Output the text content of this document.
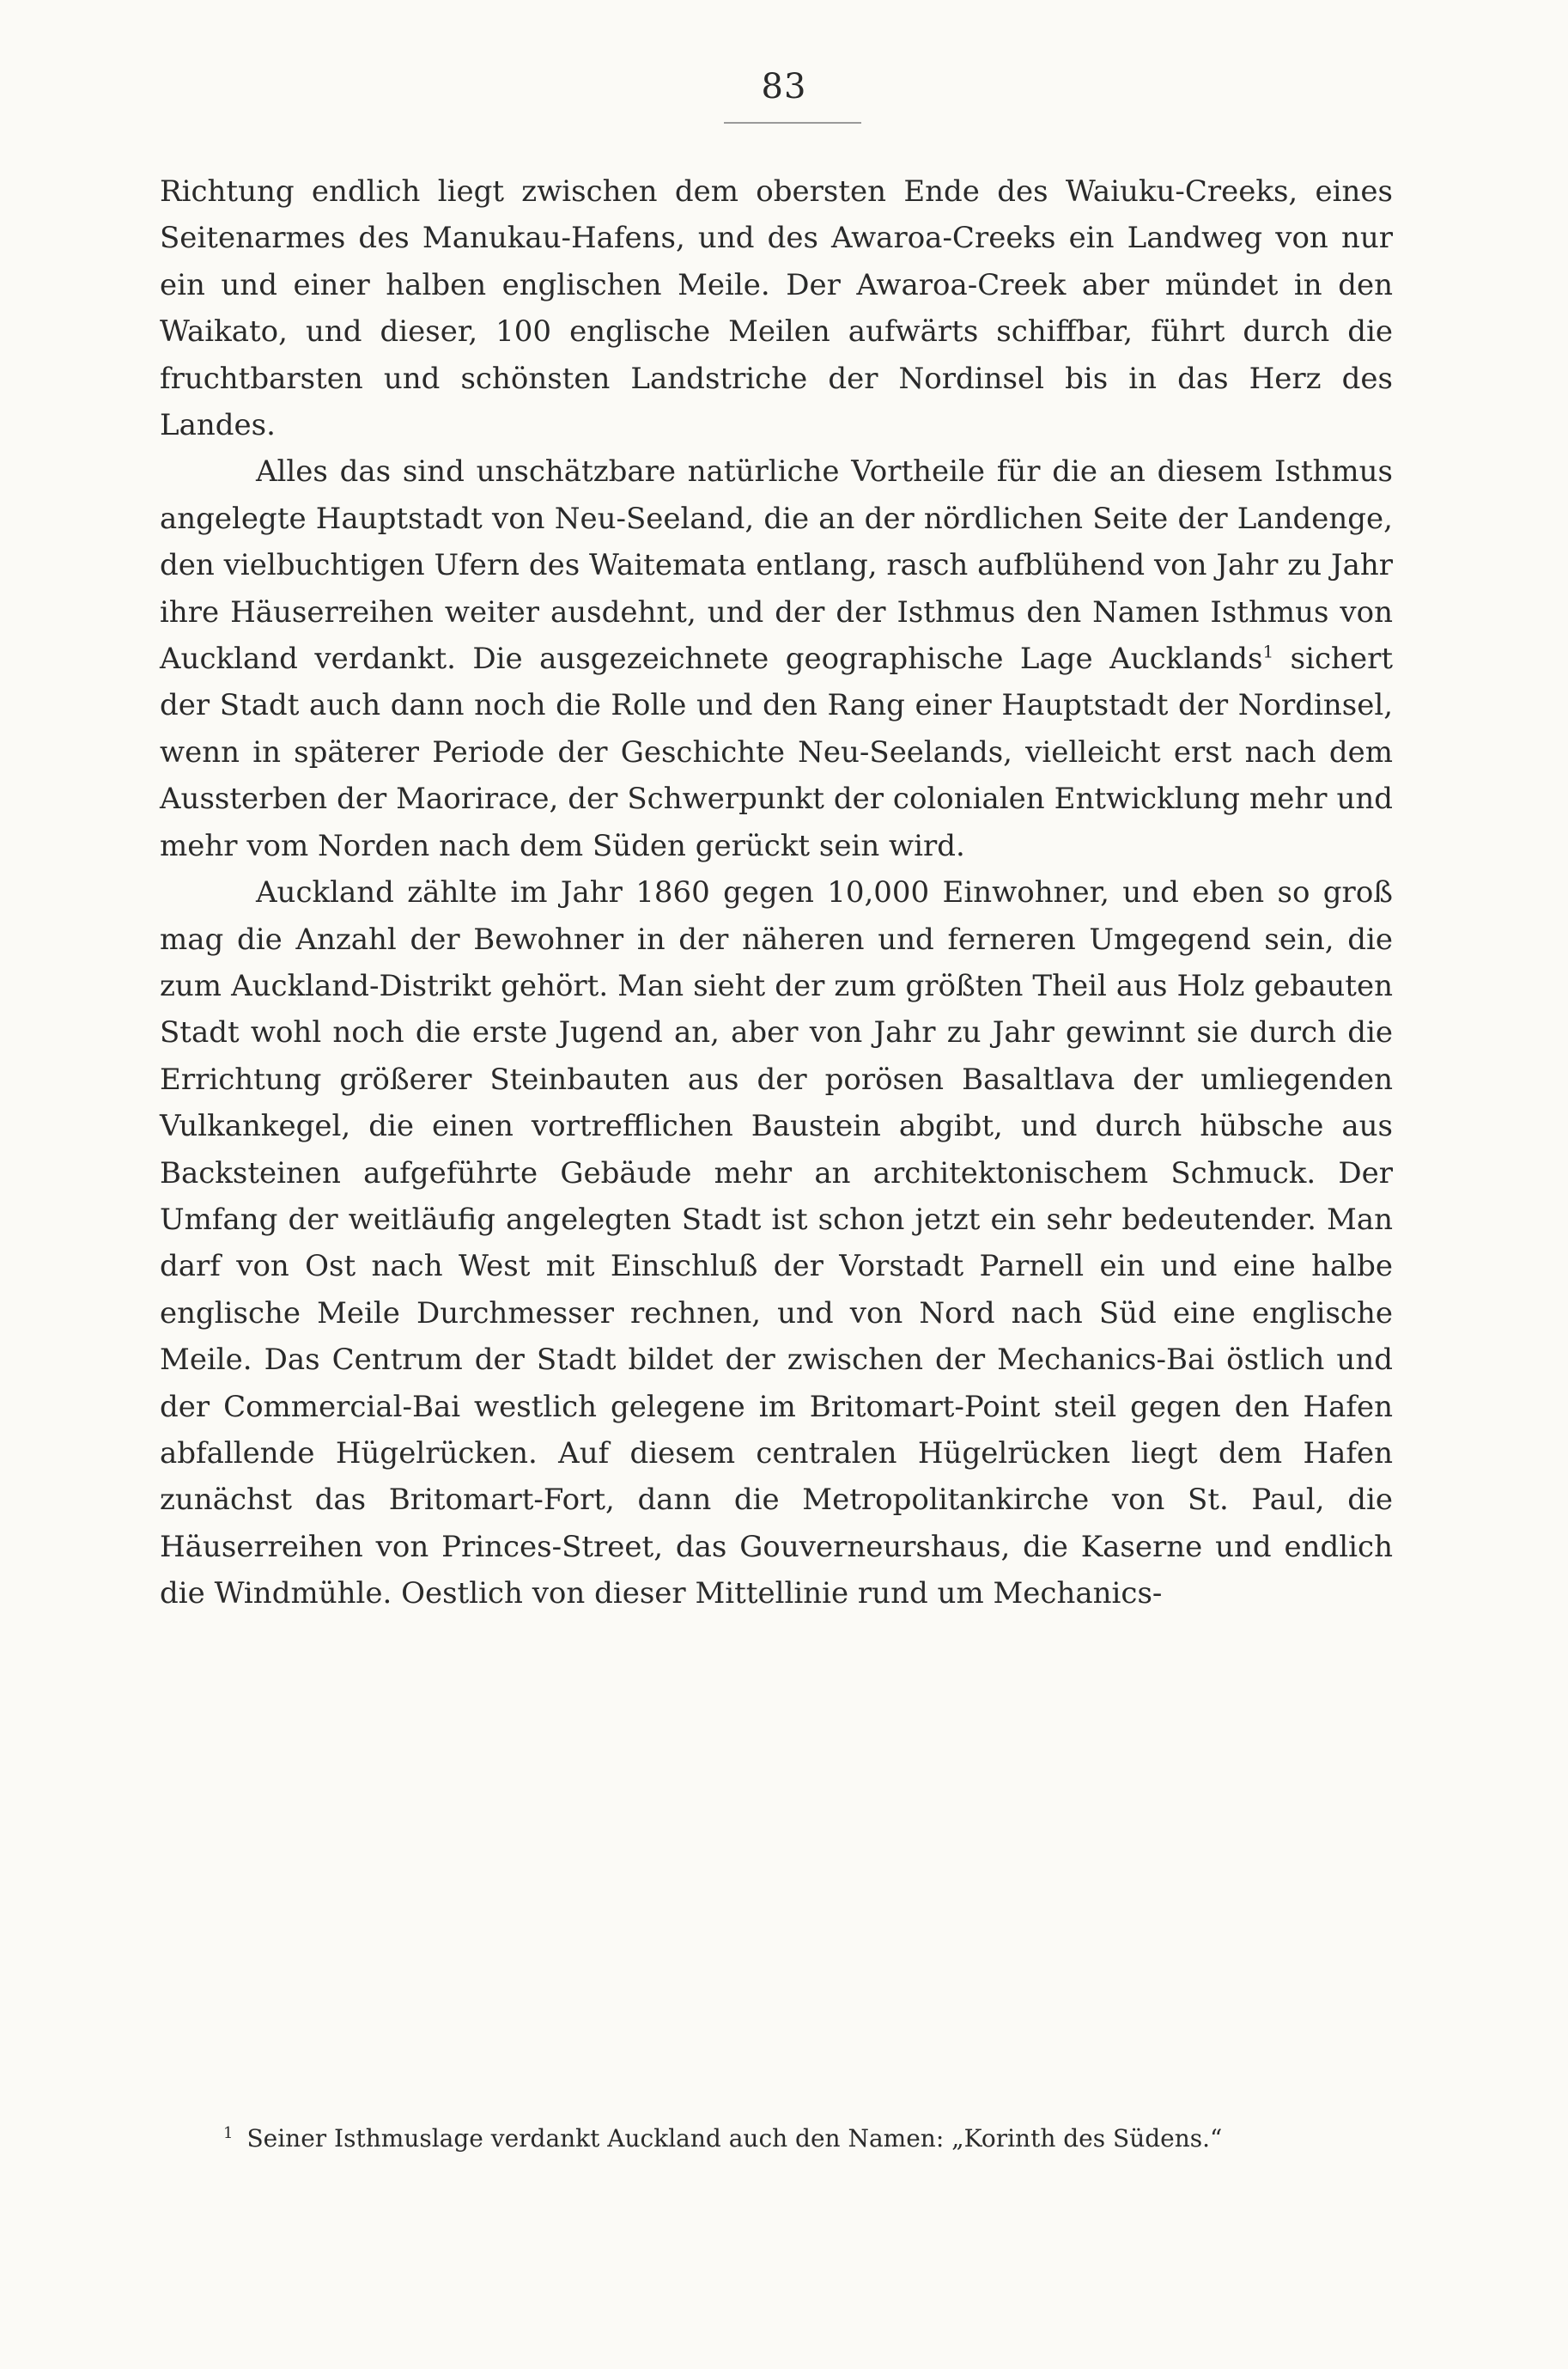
83

Richtung endlich liegt zwischen dem obersten Ende des Waiuku-Creeks, eines Seitenarmes des Manukau-Hafens, und des Awaroa-Creeks ein Landweg von nur ein und einer halben englischen Meile. Der Awaroa-Creek aber mündet in den Waikato, und dieser, 100 englische Meilen aufwärts schiffbar, führt durch die fruchtbarsten und schönsten Landstriche der Nordinsel bis in das Herz des Landes.

Alles das sind unschätzbare natürliche Vortheile für die an diesem Isthmus angelegte Hauptstadt von Neu-Seeland, die an der nördlichen Seite der Landenge, den vielbuchtigen Ufern des Waitemata entlang, rasch aufblühend von Jahr zu Jahr ihre Häuserreihen weiter ausdehnt, und der der Isthmus den Namen Isthmus von Auckland verdankt. Die ausgezeichnete geographische Lage Aucklands$^1$ sichert der Stadt auch dann noch die Rolle und den Rang einer Hauptstadt der Nordinsel, wenn in späterer Periode der Geschichte Neu-Seelands, vielleicht erst nach dem Aussterben der Maorirace, der Schwerpunkt der colonialen Entwicklung mehr und mehr vom Norden nach dem Süden gerückt sein wird.

Auckland zählte im Jahr 1860 gegen 10,000 Einwohner, und eben so groß mag die Anzahl der Bewohner in der näheren und ferneren Umgegend sein, die zum Auckland-Distrikt gehört. Man sieht der zum größten Theil aus Holz gebauten Stadt wohl noch die erste Jugend an, aber von Jahr zu Jahr gewinnt sie durch die Errichtung größerer Steinbauten aus der porösen Basaltlava der umliegenden Vulkankegel, die einen vortrefflichen Baustein abgibt, und durch hübsche aus Backsteinen aufgeführte Gebäude mehr an architektonischem Schmuck. Der Umfang der weitläufig angelegten Stadt ist schon jetzt ein sehr bedeutender. Man darf von Ost nach West mit Einschluß der Vorstadt Parnell ein und eine halbe englische Meile Durchmesser rechnen, und von Nord nach Süd eine englische Meile. Das Centrum der Stadt bildet der zwischen der Mechanics-Bai östlich und der Commercial-Bai westlich gelegene im Britomart-Point steil gegen den Hafen abfallende Hügelrücken. Auf diesem centralen Hügelrücken liegt dem Hafen zunächst das Britomart-Fort, dann die Metropolitankirche von St. Paul, die Häuserreihen von Princes-Street, das Gouverneurshaus, die Kaserne und endlich die Windmühle. Oestlich von dieser Mittellinie rund um Mechanics-

$^1$ Seiner Isthmuslage verdankt Auckland auch den Namen: „Korinth des Südens.“
